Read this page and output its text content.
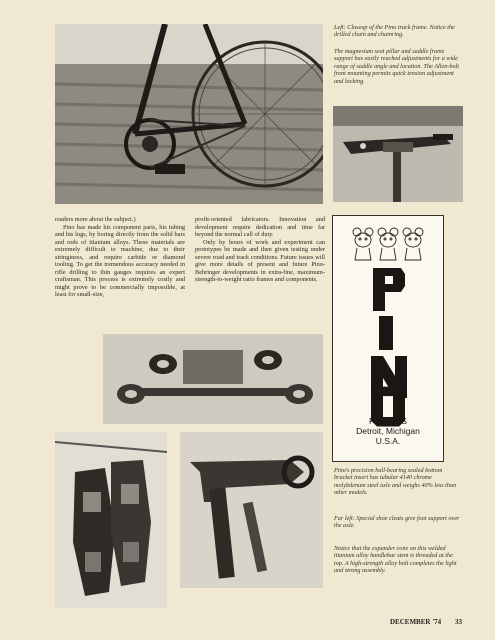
Left: Closeup of the Pino track frame. Notice the drilled chain and chainring.
The magnesium seat pillar and saddle frame support has easily reached adjustments for a wide range of saddle angle and location. The Allen-bolt front mounting permits quick tension adjustment and locking.

readers more about the subject.)

Pino has made his component parts, his tubing and his lugs, by boring directly from the solid bars and rods of titanium alloys. These materials are extremely difficult to machine, due to their stringiness, and require carbide or diamond tooling. To get the tremendous accuracy needed in rifle drilling to thin gauges requires an expert craftsman. This process is extremely costly and might prove to be commercially impossible, at least for small-size,

profit-oriented fabricators. Innovation and development require dedication and time far beyond the normal call of duty.

Only by hours of work and experiment can prototypes be made and then given testing under severe road and track conditions. Future issues will give more details of present and future Pino-Behringer developments in extra-fine, maximum-strength-to-weight ratio frames and components.

PATENTS
Detroit, Michigan
U.S.A.
Pino's precision ball-bearing sealed bottom bracket insert has tubular 4140 chrome molybdenum steel axle and weighs 40% less than other models.
Far left: Special shoe cleats give foot support over the axle.
Notice that the expander cone on this welded titanium alloy handlebar stem is threaded at the top. A high-strength alloy bolt completes the light and strong assembly.
DECEMBER '74 33
